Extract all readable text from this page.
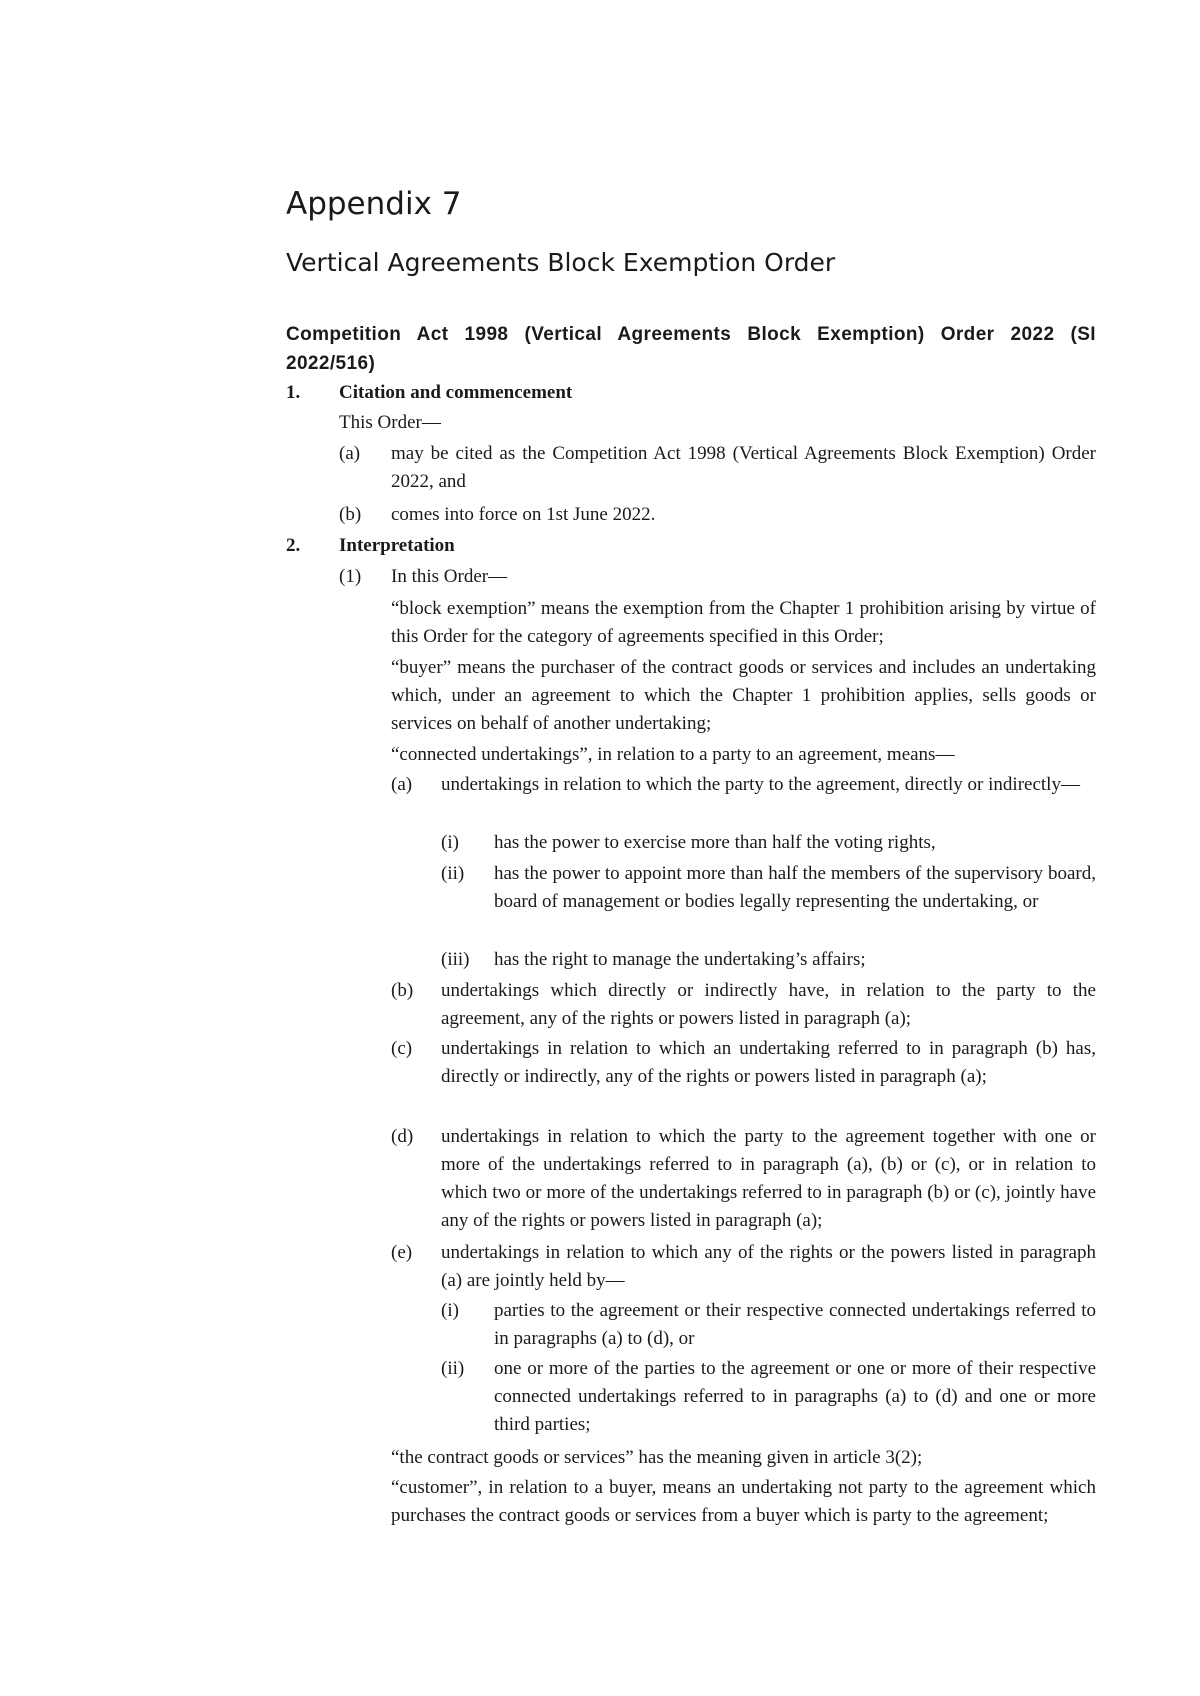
Appendix 7
Vertical Agreements Block Exemption Order
Competition Act 1998 (Vertical Agreements Block Exemption) Order 2022 (SI 2022/516)
1. Citation and commencement
This Order—
(a) may be cited as the Competition Act 1998 (Vertical Agreements Block Exemption) Order 2022, and
(b) comes into force on 1st June 2022.
2. Interpretation
(1) In this Order—
“block exemption” means the exemption from the Chapter 1 prohibition arising by virtue of this Order for the category of agreements specified in this Order;
“buyer” means the purchaser of the contract goods or services and includes an undertaking which, under an agreement to which the Chapter 1 prohibition applies, sells goods or services on behalf of another undertaking;
“connected undertakings”, in relation to a party to an agreement, means—
(a) undertakings in relation to which the party to the agreement, directly or indirectly—
(i) has the power to exercise more than half the voting rights,
(ii) has the power to appoint more than half the members of the supervisory board, board of management or bodies legally representing the undertaking, or
(iii) has the right to manage the undertaking’s affairs;
(b) undertakings which directly or indirectly have, in relation to the party to the agreement, any of the rights or powers listed in paragraph (a);
(c) undertakings in relation to which an undertaking referred to in paragraph (b) has, directly or indirectly, any of the rights or powers listed in paragraph (a);
(d) undertakings in relation to which the party to the agreement together with one or more of the undertakings referred to in paragraph (a), (b) or (c), or in relation to which two or more of the undertakings referred to in paragraph (b) or (c), jointly have any of the rights or powers listed in paragraph (a);
(e) undertakings in relation to which any of the rights or the powers listed in paragraph (a) are jointly held by—
(i) parties to the agreement or their respective connected undertakings referred to in paragraphs (a) to (d), or
(ii) one or more of the parties to the agreement or one or more of their respective connected undertakings referred to in paragraphs (a) to (d) and one or more third parties;
“the contract goods or services” has the meaning given in article 3(2);
“customer”, in relation to a buyer, means an undertaking not party to the agreement which purchases the contract goods or services from a buyer which is party to the agreement;
